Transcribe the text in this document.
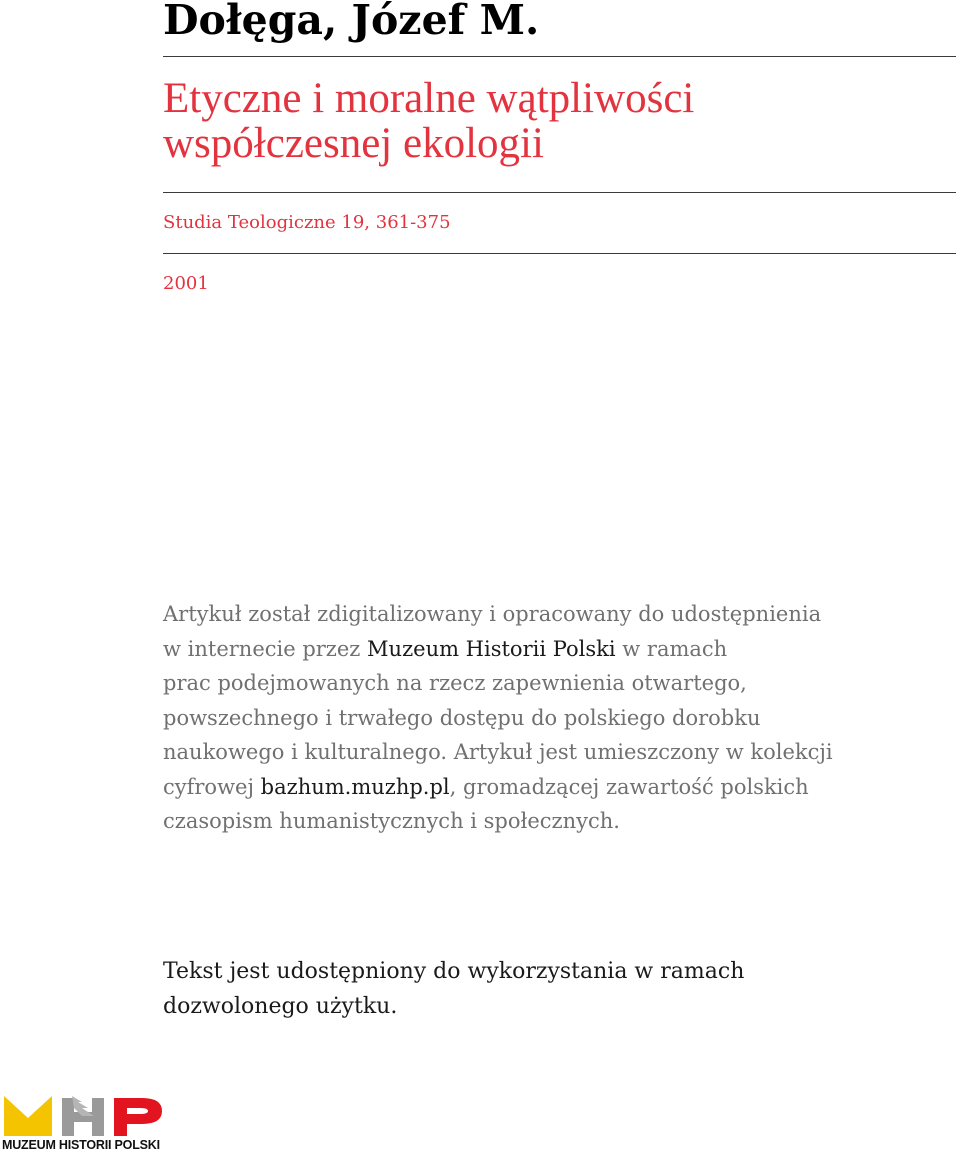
Dołęga, Józef M.
Etyczne i moralne wątpliwości
współczesnej ekologii
Studia Teologiczne 19, 361-375
2001
Artykuł został zdigitalizowany i opracowany do udostępnienia
w internecie przez Muzeum Historii Polski w ramach
prac podejmowanych na rzecz zapewnienia otwartego,
powszechnego i trwałego dostępu do polskiego dorobku
naukowego i kulturalnego. Artykuł jest umieszczony w kolekcji
cyfrowej bazhum.muzhp.pl, gromadzącej zawartość polskich
czasopism humanistycznych i społecznych.
Tekst jest udostępniony do wykorzystania w ramach
dozwolonego użytku.
MUZEUM HISTORII POLSKI
